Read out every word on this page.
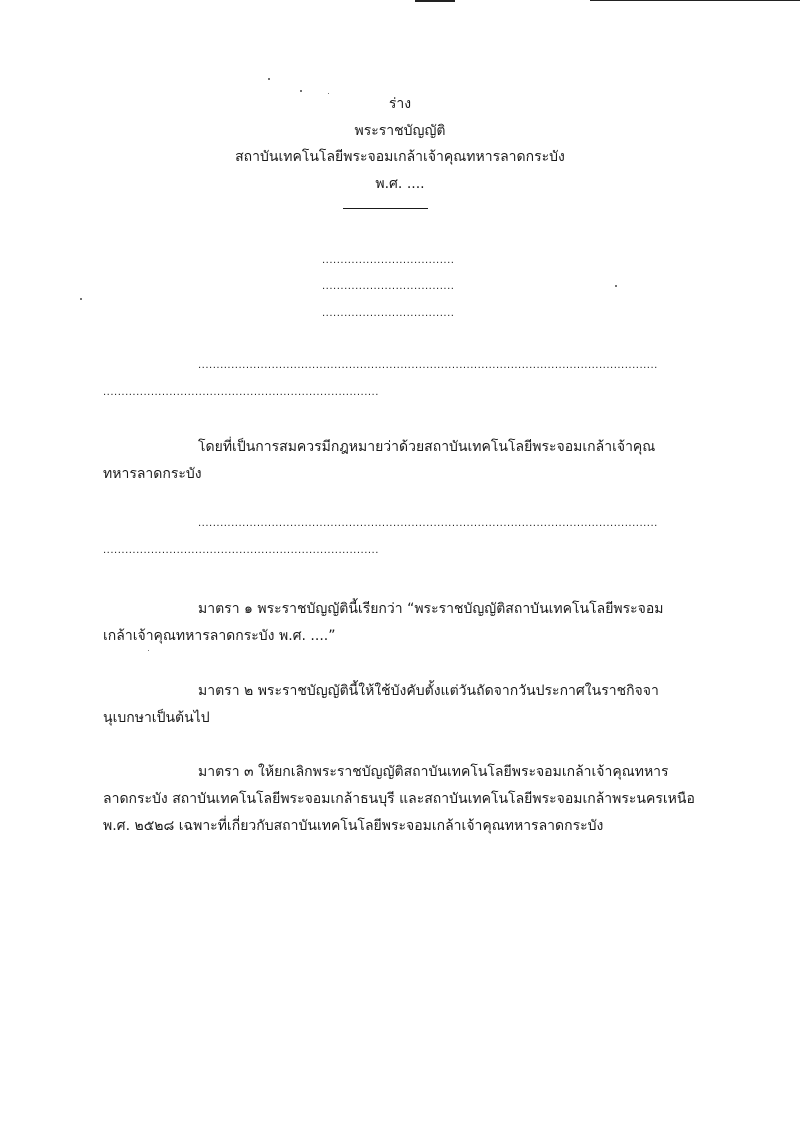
ร่าง
พระราชบัญญัติ
สถาบันเทคโนโลยีพระจอมเกล้าเจ้าคุณทหารลาดกระบัง
พ.ศ. ....
....................................
....................................
....................................
.............................................................................................................................
...........................................................................
โดยที่เป็นการสมควรมีกฎหมายว่าด้วยสถาบันเทคโนโลยีพระจอมเกล้าเจ้าคุณ
ทหารลาดกระบัง
.............................................................................................................................
...........................................................................
มาตรา ๑ พระราชบัญญัตินี้เรียกว่า “พระราชบัญญัติสถาบันเทคโนโลยีพระจอม
เกล้าเจ้าคุณทหารลาดกระบัง พ.ศ. ....”
มาตรา ๒ พระราชบัญญัตินี้ให้ใช้บังคับตั้งแต่วันถัดจากวันประกาศในราชกิจจา
นุเบกษาเป็นต้นไป
มาตรา ๓ ให้ยกเลิกพระราชบัญญัติสถาบันเทคโนโลยีพระจอมเกล้าเจ้าคุณทหาร
ลาดกระบัง สถาบันเทคโนโลยีพระจอมเกล้าธนบุรี และสถาบันเทคโนโลยีพระจอมเกล้าพระนครเหนือ
พ.ศ. ๒๕๒๘ เฉพาะที่เกี่ยวกับสถาบันเทคโนโลยีพระจอมเกล้าเจ้าคุณทหารลาดกระบัง
